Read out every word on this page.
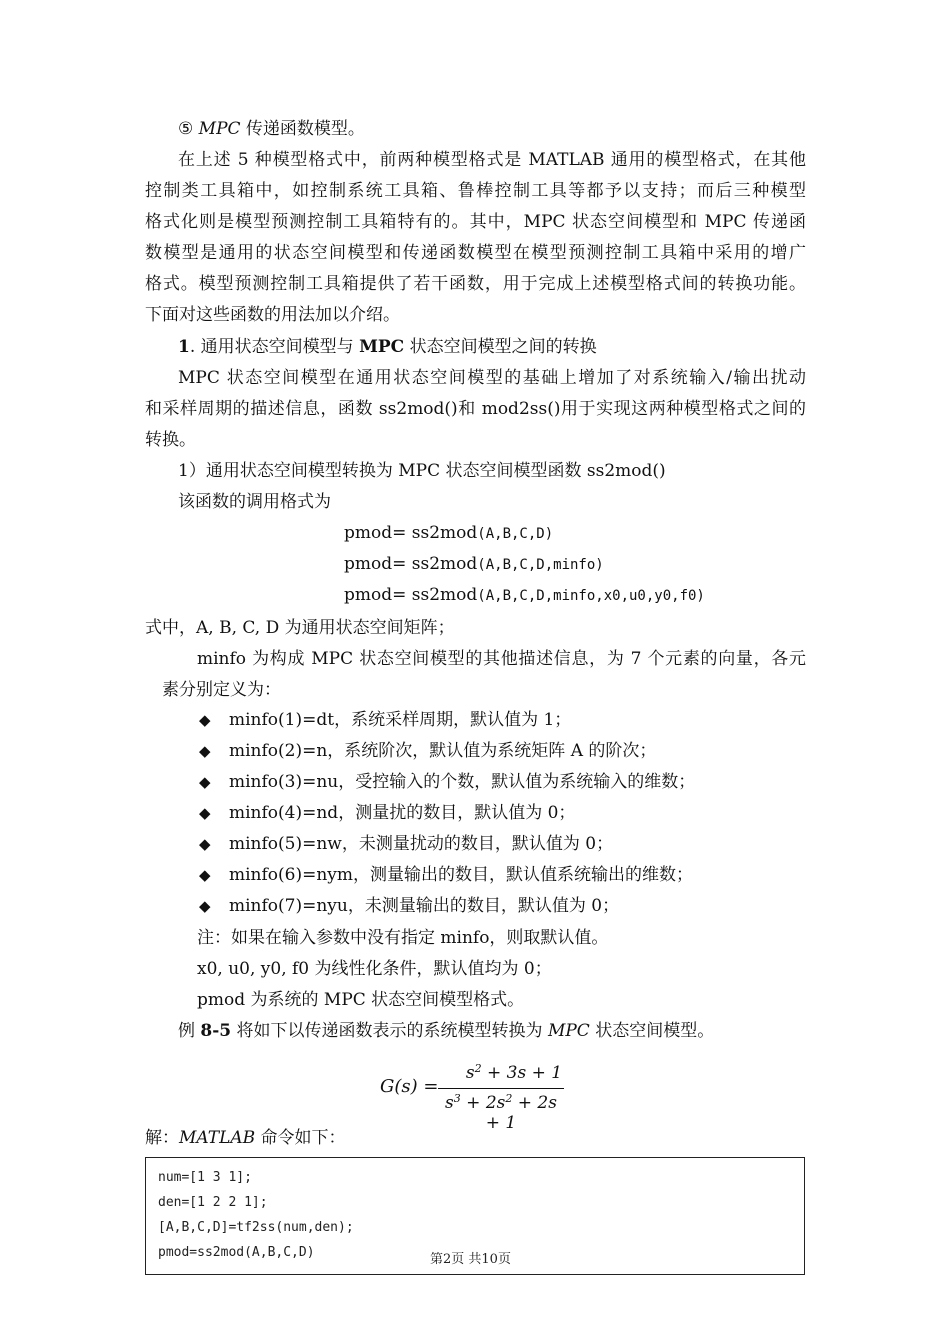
⑤ MPC 传递函数模型。
在上述 5 种模型格式中，前两种模型格式是 MATLAB 通用的模型格式，在其他
控制类工具箱中，如控制系统工具箱、鲁棒控制工具等都予以支持；而后三种模型
格式化则是模型预测控制工具箱特有的。其中，MPC 状态空间模型和 MPC 传递函
数模型是通用的状态空间模型和传递函数模型在模型预测控制工具箱中采用的增广
格式。模型预测控制工具箱提供了若干函数，用于完成上述模型格式间的转换功能。
下面对这些函数的用法加以介绍。
1. 通用状态空间模型与 MPC 状态空间模型之间的转换
MPC 状态空间模型在通用状态空间模型的基础上增加了对系统输入/输出扰动
和采样周期的描述信息，函数 ss2mod()和 mod2ss()用于实现这两种模型格式之间的
转换。
1）通用状态空间模型转换为 MPC 状态空间模型函数 ss2mod()
该函数的调用格式为
pmod= ss2mod(A,B,C,D)
pmod= ss2mod(A,B,C,D,minfo)
pmod= ss2mod(A,B,C,D,minfo,x0,u0,y0,f0)
式中，A, B, C, D 为通用状态空间矩阵；
minfo 为构成 MPC 状态空间模型的其他描述信息，为 7 个元素的向量，各元
素分别定义为：
◆ minfo(1)=dt，系统采样周期，默认值为 1；
◆ minfo(2)=n，系统阶次，默认值为系统矩阵 A 的阶次；
◆ minfo(3)=nu，受控输入的个数，默认值为系统输入的维数；
◆ minfo(4)=nd，测量扰的数目，默认值为 0；
◆ minfo(5)=nw，未测量扰动的数目，默认值为 0；
◆ minfo(6)=nym，测量输出的数目，默认值系统输出的维数；
◆ minfo(7)=nyu，未测量输出的数目，默认值为 0；
注：如果在输入参数中没有指定 minfo，则取默认值。
x0, u0, y0, f0 为线性化条件，默认值均为 0；
pmod 为系统的 MPC 状态空间模型格式。
例 8-5 将如下以传递函数表示的系统模型转换为 MPC 状态空间模型。
G(s) =
$s^2 + 3s + 1$
$s^3 + 2s^2 + 2s + 1$
解：MATLAB 命令如下：
num=[1 3 1];
den=[1 2 2 1];
[A,B,C,D]=tf2ss(num,den);
pmod=ss2mod(A,B,C,D)	第2页 共10页
